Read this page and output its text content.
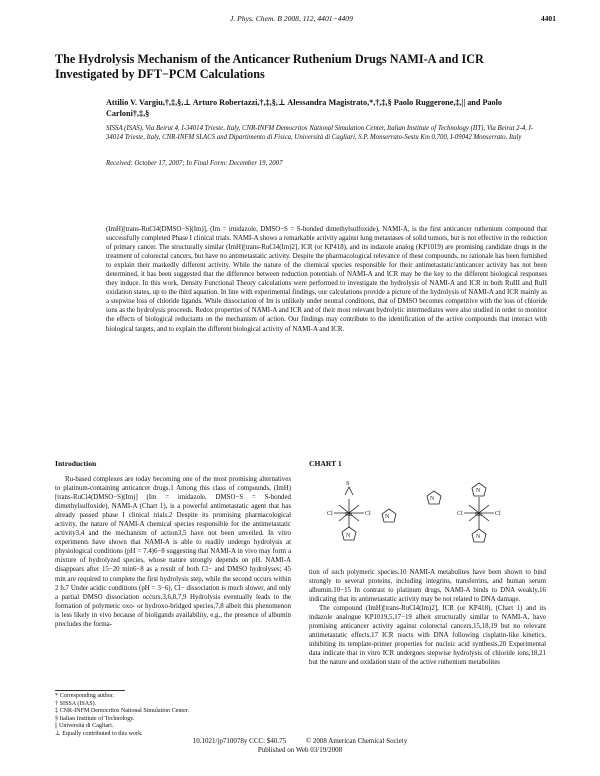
J. Phys. Chem. B 2008, 112, 4401−4409	4401
The Hydrolysis Mechanism of the Anticancer Ruthenium Drugs NAMI-A and ICR Investigated by DFT−PCM Calculations
Attilio V. Vargiu,†,‡,§,⊥ Arturo Robertazzi,†,‡,§,⊥ Alessandra Magistrato,*,†,‡,§ Paolo Ruggerone,‡,|| and Paolo Carloni†,‡,§
SISSA (ISAS), Via Beirut 4, I-34014 Trieste, Italy, CNR-INFM Democritos National Simulation Center, Italian Institute of Technology (IIT), Via Beirut 2-4, I-34014 Trieste, Italy, CNR-INFM SLACS and Dipartimento di Fisica, Università di Cagliari, S.P. Monserrato-Sestu Km 0.700, I-09042 Monserrato, Italy
Received: October 17, 2007; In Final Form: December 19, 2007
(ImH)[trans-RuCl4(DMSO−S)(Im)], (Im = imidazole, DMSO−S = S-bonded dimethylsulfoxide), NAMI-A, is the first anticancer ruthenium compound that successfully completed Phase I clinical trials. NAMI-A shows a remarkable activity against lung metastases of solid tumors, but is not effective in the reduction of primary cancer. The structurally similar (ImH)[trans-RuCl4(Im)2], ICR (or KP418), and its indazole analog (KP1019) are promising candidate drugs in the treatment of colorectal cancers, but have no antimetastatic activity. Despite the pharmacological relevance of these compounds, no rationale has been furnished to explain their markedly different activity. While the nature of the chemical species responsible for their antimetastatic/anticancer activity has not been determined, it has been suggested that the difference between reduction potentials of NAMI-A and ICR may be the key to the different biological responses they induce. In this work, Density Functional Theory calculations were performed to investigate the hydrolysis of NAMI-A and ICR in both RuIII and RuII oxidation states, up to the third aquation. In line with experimental findings, our calculations provide a picture of the hydrolysis of NAMI-A and ICR mainly as a stepwise loss of chloride ligands. While dissociation of Im is unlikely under neutral conditions, that of DMSO becomes competitive with the loss of chloride ions as the hydrolysis proceeds. Redox properties of NAMI-A and ICR and of their most relevant hydrolytic intermediates were also studied in order to monitor the effects of biological reductants on the mechanism of action. Our findings may contribute to the identification of the active compounds that interact with biological targets, and to explain the different biological activity of NAMI-A and ICR.
Introduction

Ru-based complexes are today becoming one of the most promising alternatives to platinum-containing anticancer drugs.1 Among this class of compounds, (ImH)[trans-RuCl4(DMSO−S)(Im)] (Im = imidazole, DMSO−S = S-bonded dimethylsulfoxide), NAMI-A (Chart 1), is a powerful antimetastatic agent that has already passed phase I clinical trials.2 Despite its promising pharmacological activity, the nature of NAMI-A chemical species responsible for the antimetastatic activity3,4 and the mechanism of action3,5 have not been unveiled. In vitro experiments have shown that NAMI-A is able to readily undergo hydrolysis at physiological conditions (pH = 7.4)6−8 suggesting that NAMI-A in vivo may form a mixture of hydrolyzed species, whose nature strongly depends on pH. NAMI-A disappears after 15−20 min6−8 as a result of both Cl− and DMSO hydrolyses; 45 min are required to complete the first hydrolysis step, while the second occurs within 2 h.7 Under acidic conditions (pH = 3−6), Cl− dissociation is much slower, and only a partial DMSO dissociation occurs.3,6,8,7,9 Hydrolysis eventually leads to the formation of polymeric oxo- or hydroxo-bridged species,7,8 albeit this phenomenon is less likely in vivo because of bioligands availability, e.g., the presence of albumin precludes the forma-

CHART 1
Ru	Ru
Cl	Cl	Cl	Cl
S
N
N
N
N
N

tion of such polymeric species.10 NAMI-A metabolites have been shown to bind strongly to several proteins, including integrins, transferrins, and human serum albumin.10−15 In contrast to platinum drugs, NAMI-A binds to DNA weakly,16 indicating that its antimetastatic activity may be not related to DNA damage.

The compound (ImH)[trans-RuCl4(Im)2], ICR (or KP418), (Chart 1) and its indazole analogue KP1019,5,17−19 albeit structurally similar to NAMI-A, have promising anticancer activity against colorectal cancers,15,18,19 but no relevant antimetastatic effects.17 ICR reacts with DNA following cisplatin-like kinetics, inhibiting its template-primer properties for nucleic acid synthesis.20 Experimental data indicate that in vitro ICR undergoes stepwise hydrolysis of chloride ions,18,21 but the nature and oxidation state of the active ruthenium metabolites

* Corresponding author.
† SISSA (ISAS).
‡ CNR-INFM Democritos National Simulation Center.
§ Italian Institute of Technology.
|| Università di Cagliari.
⊥ Equally contributed to this work.
10.1021/jp710078y CCC: $40.75	© 2008 American Chemical Society
Published on Web 03/19/2008
